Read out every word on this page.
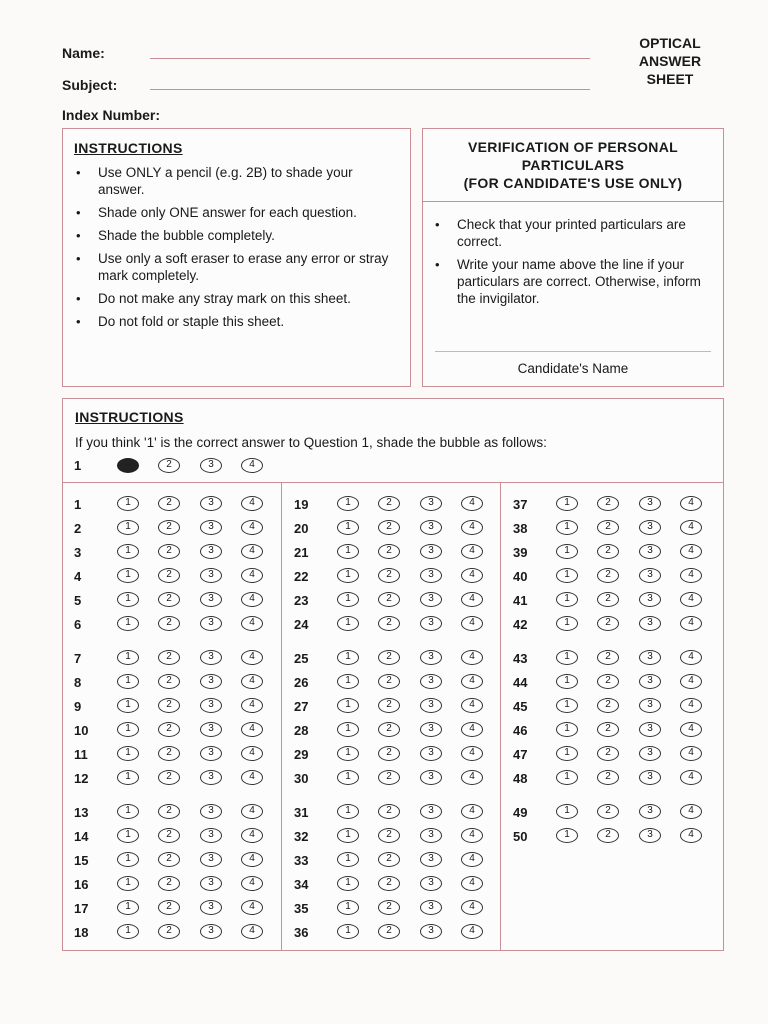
Name:
Subject:
Index Number:
OPTICAL
ANSWER
SHEET
INSTRUCTIONS
• Use ONLY a pencil (e.g. 2B) to shade your answer.
• Shade only ONE answer for each question.
• Shade the bubble completely.
• Use only a soft eraser to erase any error or stray mark completely.
• Do not make any stray mark on this sheet.
• Do not fold or staple this sheet.
VERIFICATION OF PERSONAL
PARTICULARS
(FOR CANDIDATE'S USE ONLY)
• Check that your printed particulars are correct.
• Write your name above the line if your particulars are correct. Otherwise, inform the invigilator.
Candidate's Name
INSTRUCTIONS
If you think '1' is the correct answer to Question 1, shade the bubble as follows:
1	2	3	4
1	1	2	3	4
2	1	2	3	4
3	1	2	3	4
4	1	2	3	4
5	1	2	3	4
6	1	2	3	4
7	1	2	3	4
8	1	2	3	4
9	1	2	3	4
10	1	2	3	4
11	1	2	3	4
12	1	2	3	4
13	1	2	3	4
14	1	2	3	4
15	1	2	3	4
16	1	2	3	4
17	1	2	3	4
18	1	2	3	4
19	1	2	3	4
20	1	2	3	4
21	1	2	3	4
22	1	2	3	4
23	1	2	3	4
24	1	2	3	4
25	1	2	3	4
26	1	2	3	4
27	1	2	3	4
28	1	2	3	4
29	1	2	3	4
30	1	2	3	4
31	1	2	3	4
32	1	2	3	4
33	1	2	3	4
34	1	2	3	4
35	1	2	3	4
36	1	2	3	4
37	1	2	3	4
38	1	2	3	4
39	1	2	3	4
40	1	2	3	4
41	1	2	3	4
42	1	2	3	4
43	1	2	3	4
44	1	2	3	4
45	1	2	3	4
46	1	2	3	4
47	1	2	3	4
48	1	2	3	4
49	1	2	3	4
50	1	2	3	4
